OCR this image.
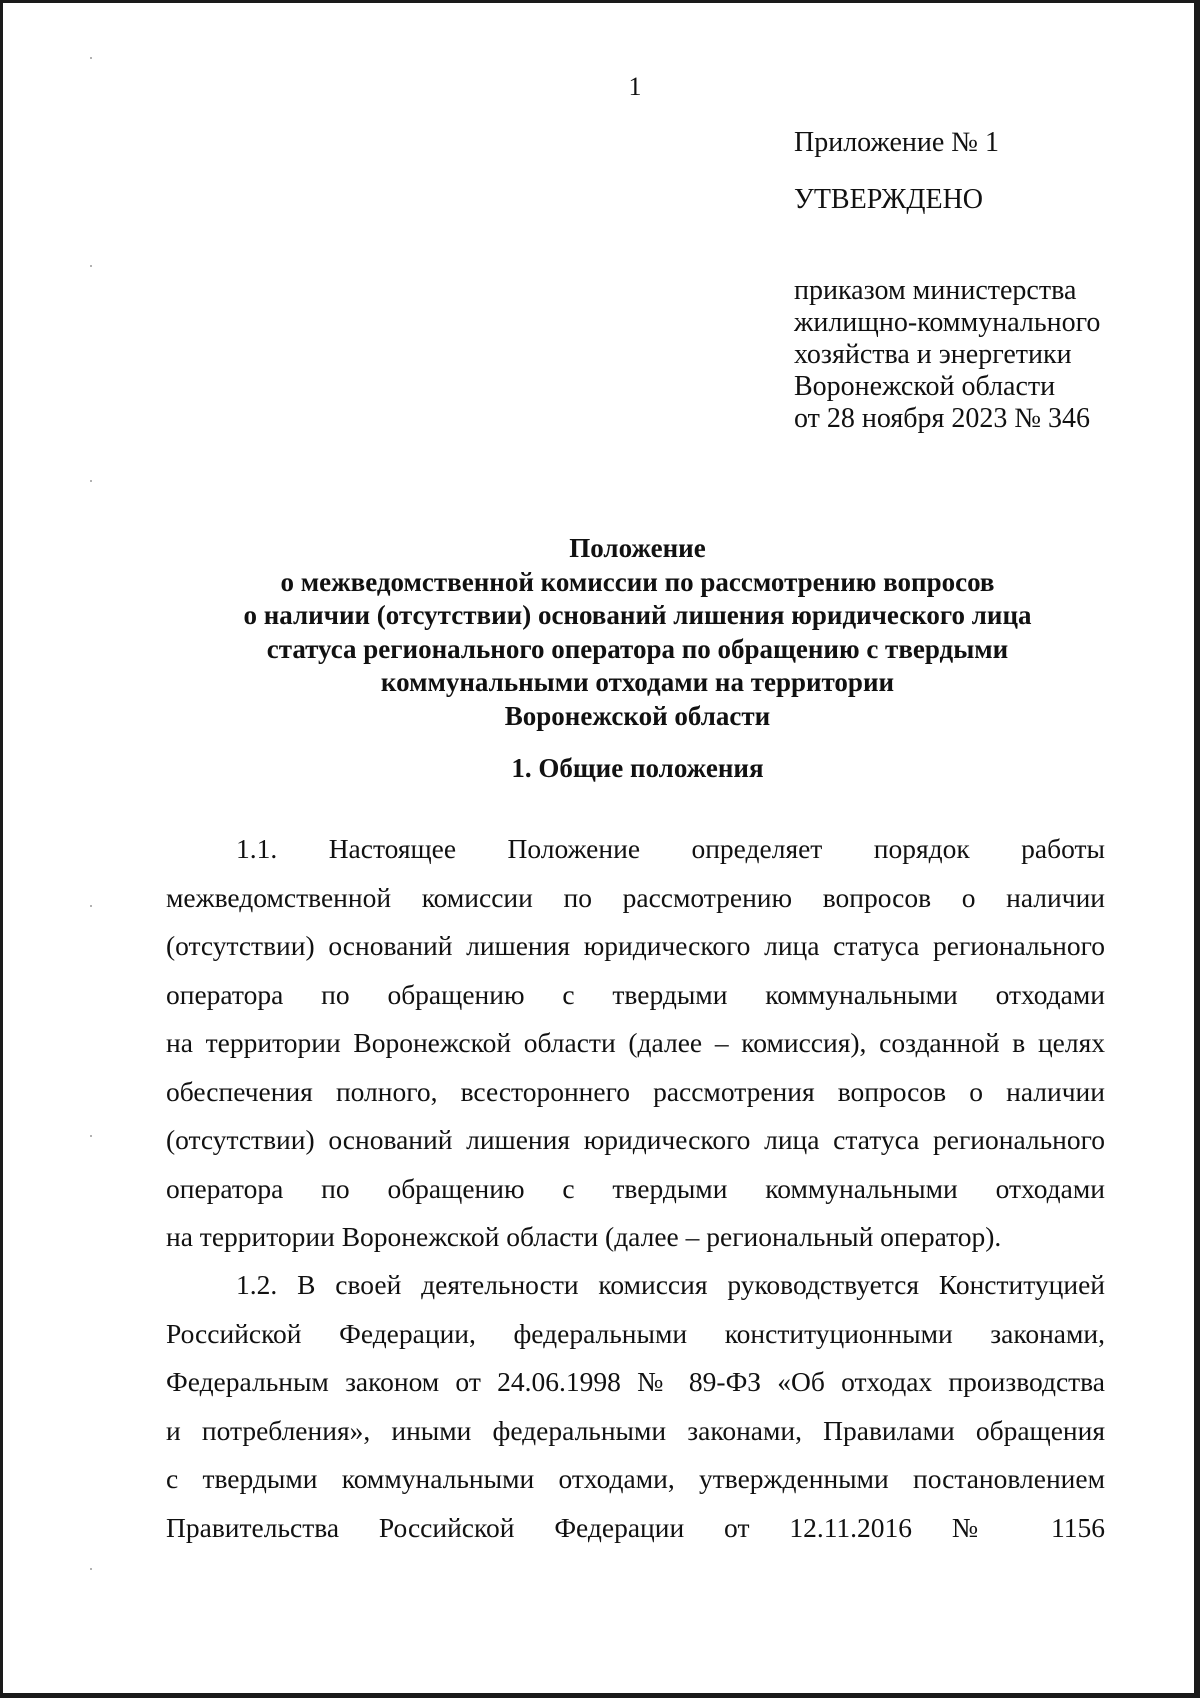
1
Приложение № 1
УТВЕРЖДЕНО
приказом министерства
жилищно-коммунального
хозяйства и энергетики
Воронежской области
от 28 ноября 2023 № 346
Положение
о межведомственной комиссии по рассмотрению вопросов
о наличии (отсутствии) оснований лишения юридического лица
статуса регионального оператора по обращению с твердыми
коммунальными отходами на территории
Воронежской области
1. Общие положения
1.1. Настоящее Положение определяет порядок работы
межведомственной комиссии по рассмотрению вопросов о наличии
(отсутствии) оснований лишения юридического лица статуса регионального
оператора по обращению с твердыми коммунальными отходами
на территории Воронежской области (далее – комиссия), созданной в целях
обеспечения полного, всестороннего рассмотрения вопросов о наличии
(отсутствии) оснований лишения юридического лица статуса регионального
оператора по обращению с твердыми коммунальными отходами
на территории Воронежской области (далее – региональный оператор).
1.2. В своей деятельности комиссия руководствуется Конституцией
Российской Федерации, федеральными конституционными законами,
Федеральным законом от 24.06.1998 № 89-ФЗ «Об отходах производства
и потребления», иными федеральными законами, Правилами обращения
с твердыми коммунальными отходами, утвержденными постановлением
Правительства Российской Федерации от 12.11.2016 № 1156
